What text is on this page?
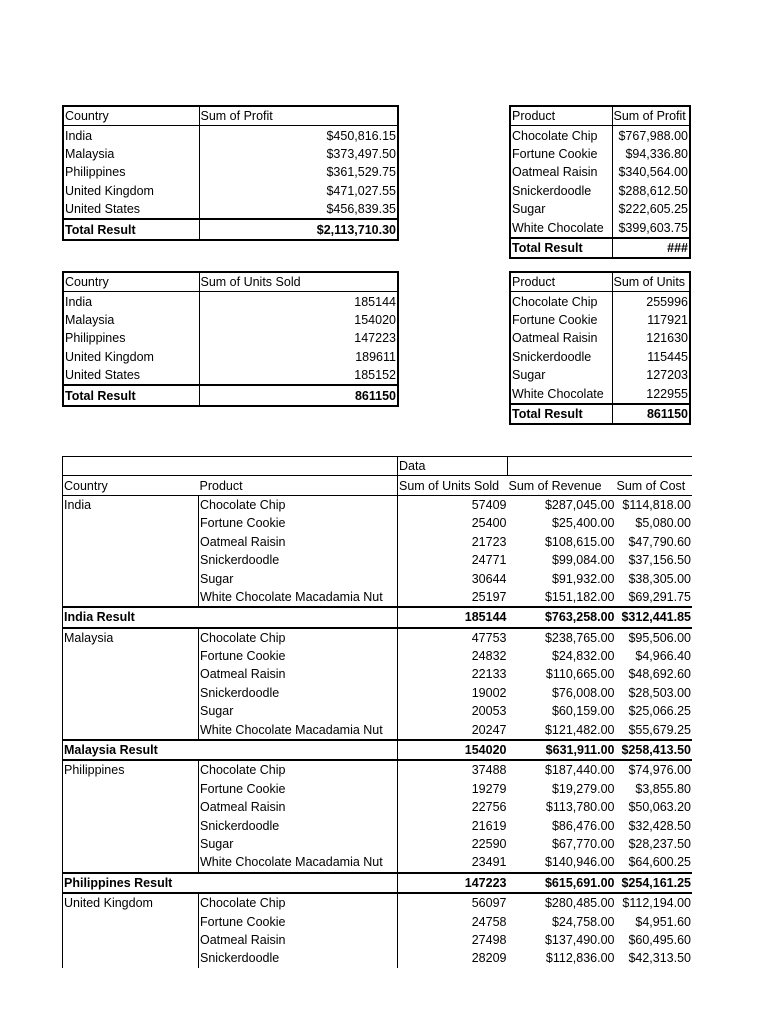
Country	Sum of Profit
India	$450,816.15
Malaysia	$373,497.50
Philippines	$361,529.75
United Kingdom	$471,027.55
United States	$456,839.35
Total Result	$2,113,710.30
Product	Sum of Profit
Chocolate Chip	$767,988.00
Fortune Cookie	$94,336.80
Oatmeal Raisin	$340,564.00
Snickerdoodle	$288,612.50
Sugar	$222,605.25
White Chocolate	$399,603.75
Total Result	###
Country	Sum of Units Sold
India	185144
Malaysia	154020
Philippines	147223
United Kingdom	189611
United States	185152
Total Result	861150
Product	Sum of Units
Chocolate Chip	255996
Fortune Cookie	117921
Oatmeal Raisin	121630
Snickerdoodle	115445
Sugar	127203
White Chocolate	122955
Total Result	861150
		Data		
Country	Product	Sum of Units Sold	Sum of Revenue	Sum of Cost
India	Chocolate Chip	57409	$287,045.00	$114,818.00
	Fortune Cookie	25400	$25,400.00	$5,080.00
	Oatmeal Raisin	21723	$108,615.00	$47,790.60
	Snickerdoodle	24771	$99,084.00	$37,156.50
	Sugar	30644	$91,932.00	$38,305.00
	White Chocolate Macadamia Nut	25197	$151,182.00	$69,291.75
India Result		185144	$763,258.00	$312,441.85
Malaysia	Chocolate Chip	47753	$238,765.00	$95,506.00
	Fortune Cookie	24832	$24,832.00	$4,966.40
	Oatmeal Raisin	22133	$110,665.00	$48,692.60
	Snickerdoodle	19002	$76,008.00	$28,503.00
	Sugar	20053	$60,159.00	$25,066.25
	White Chocolate Macadamia Nut	20247	$121,482.00	$55,679.25
Malaysia Result		154020	$631,911.00	$258,413.50
Philippines	Chocolate Chip	37488	$187,440.00	$74,976.00
	Fortune Cookie	19279	$19,279.00	$3,855.80
	Oatmeal Raisin	22756	$113,780.00	$50,063.20
	Snickerdoodle	21619	$86,476.00	$32,428.50
	Sugar	22590	$67,770.00	$28,237.50
	White Chocolate Macadamia Nut	23491	$140,946.00	$64,600.25
Philippines Result		147223	$615,691.00	$254,161.25
United Kingdom	Chocolate Chip	56097	$280,485.00	$112,194.00
	Fortune Cookie	24758	$24,758.00	$4,951.60
	Oatmeal Raisin	27498	$137,490.00	$60,495.60
	Snickerdoodle	28209	$112,836.00	$42,313.50
